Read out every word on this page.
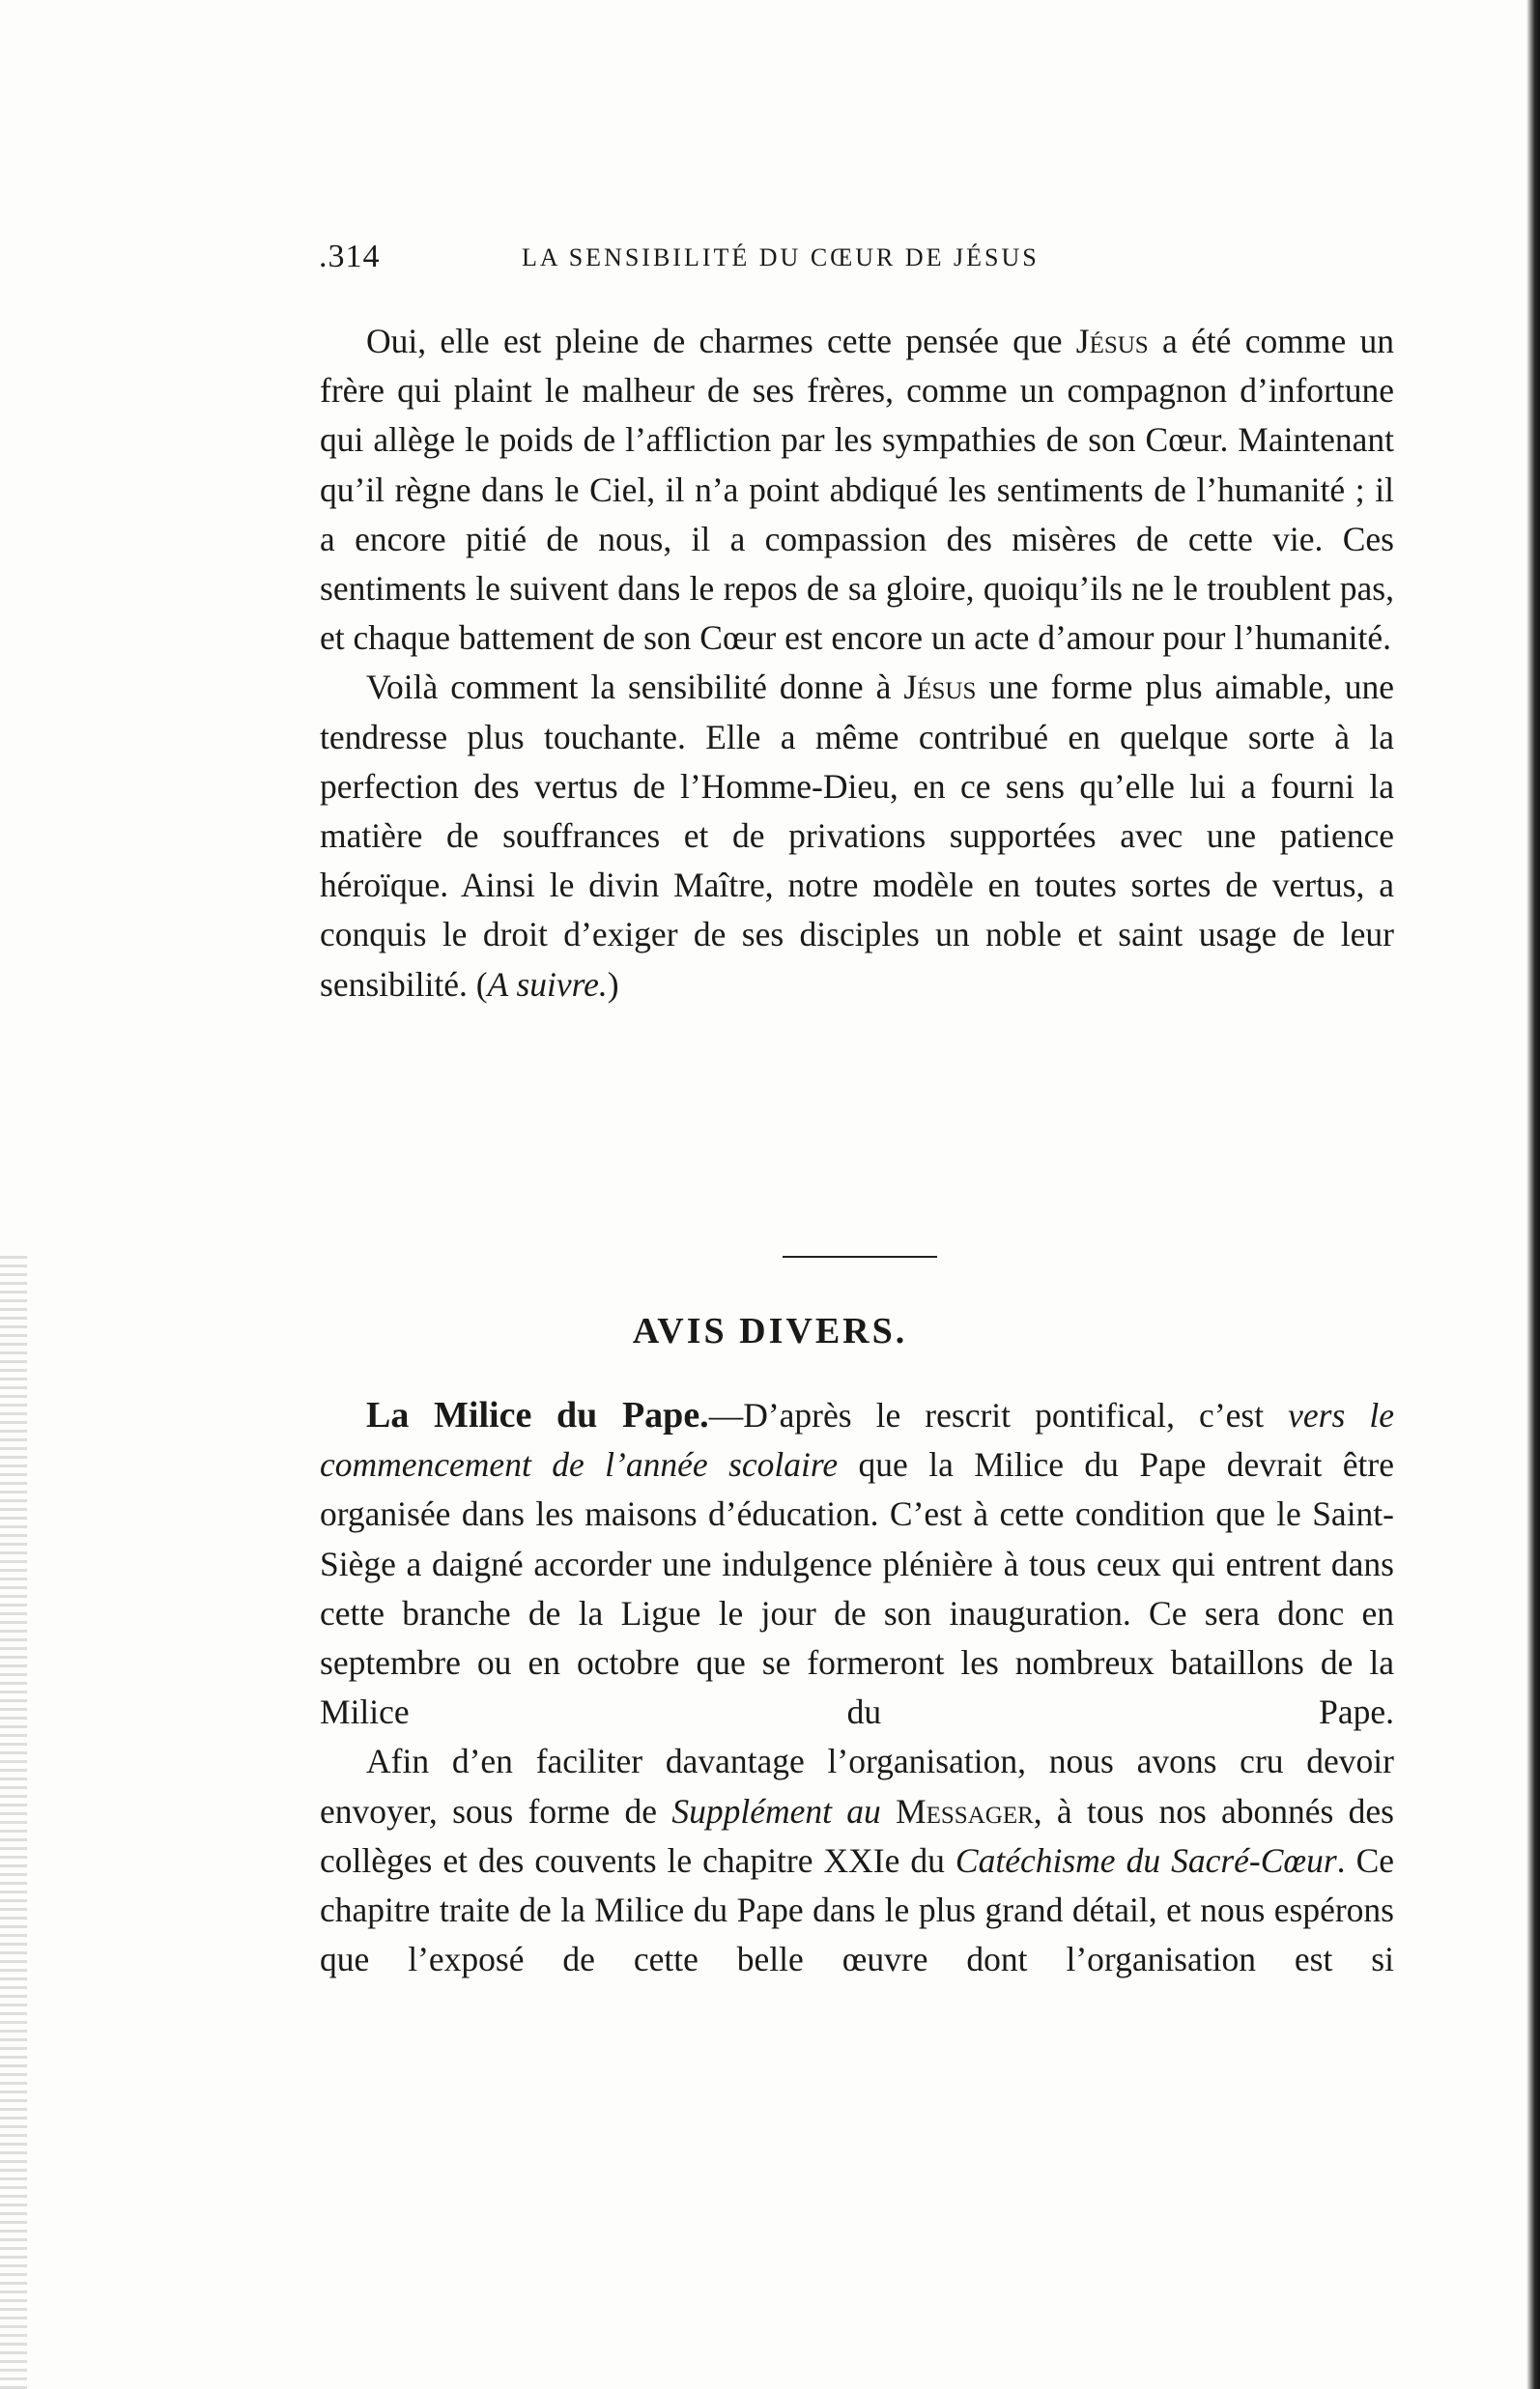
.314	LA SENSIBILITÉ DU CŒUR DE JÉSUS

Oui, elle est pleine de charmes cette pensée que Jésus a été comme un frère qui plaint le malheur de ses frères, comme un compagnon d’infortune qui allège le poids de l’affliction par les sympathies de son Cœur. Maintenant qu’il règne dans le Ciel, il n’a point abdiqué les sentiments de l’humanité ; il a encore pitié de nous, il a compassion des misères de cette vie. Ces sentiments le suivent dans le repos de sa gloire, quoiqu’ils ne le troublent pas, et chaque battement de son Cœur est encore un acte d’amour pour l’humanité.

Voilà comment la sensibilité donne à Jésus une forme plus aimable, une tendresse plus touchante. Elle a même contribué en quelque sorte à la perfection des vertus de l’Homme-Dieu, en ce sens qu’elle lui a fourni la matière de souffrances et de privations supportées avec une patience héroïque. Ainsi le divin Maître, notre modèle en toutes sortes de vertus, a conquis le droit d’exiger de ses disciples un noble et saint usage de leur sensibilité. (A suivre.)

AVIS DIVERS.

La Milice du Pape.—D’après le rescrit pontifical, c’est vers le commencement de l’année scolaire que la Milice du Pape devrait être organisée dans les maisons d’éducation. C’est à cette condition que le Saint-Siège a daigné accorder une indulgence plénière à tous ceux qui entrent dans cette branche de la Ligue le jour de son inauguration. Ce sera donc en septembre ou en octobre que se formeront les nombreux bataillons de la Milice du Pape.

Afin d’en faciliter davantage l’organisation, nous avons cru devoir envoyer, sous forme de Supplément au Messager, à tous nos abonnés des collèges et des couvents le chapitre XXIe du Catéchisme du Sacré-Cœur. Ce chapitre traite de la Milice du Pape dans le plus grand détail, et nous espérons que l’exposé de cette belle œuvre dont l’organisation est si
